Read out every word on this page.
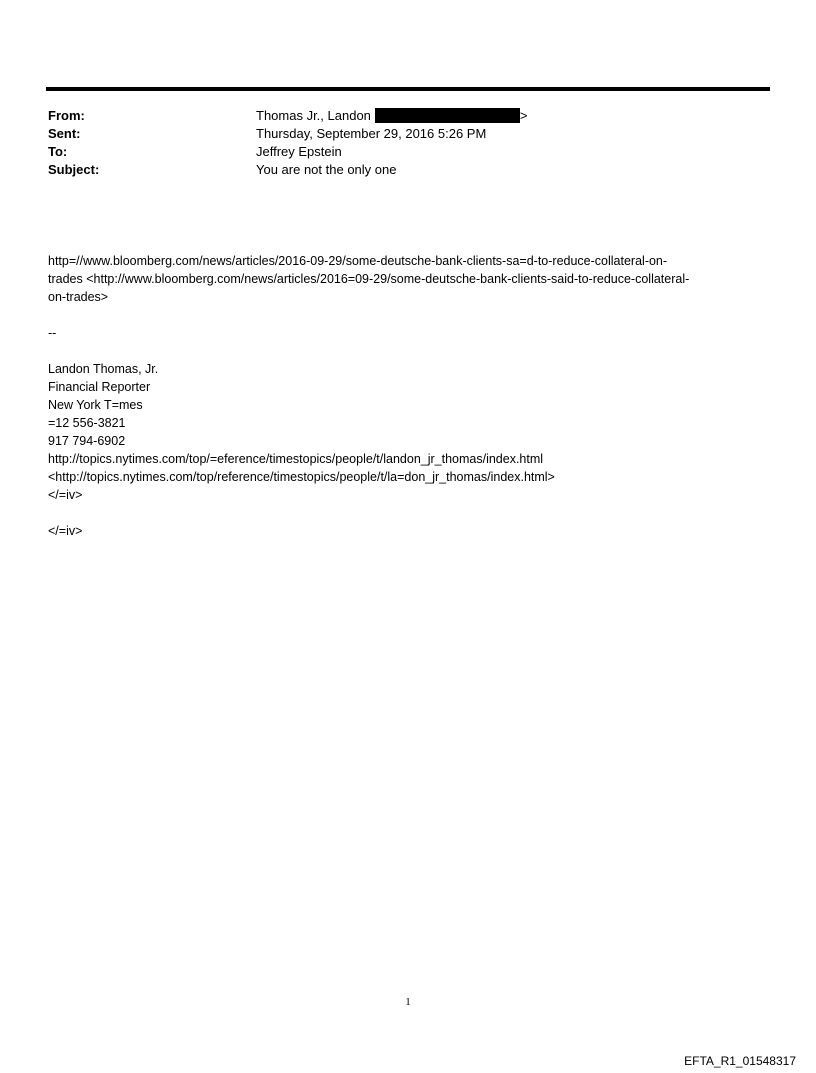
From:	Thomas Jr., Landon	>
Sent:	Thursday, September 29, 2016 5:26 PM
To:	Jeffrey Epstein
Subject:	You are not the only one
http=//www.bloomberg.com/news/articles/2016-09-29/some-deutsche-bank-clients-sa=d-to-reduce-collateral-on-
trades <http://www.bloomberg.com/news/articles/2016=09-29/some-deutsche-bank-clients-said-to-reduce-collateral-
on-trades>
--
Landon Thomas, Jr.
Financial Reporter
New York T=mes
=12 556-3821
917 794-6902
http://topics.nytimes.com/top/=eference/timestopics/people/t/landon_jr_thomas/index.html
<http://topics.nytimes.com/top/reference/timestopics/people/t/la=don_jr_thomas/index.html>
</=iv>
</=iv>
1
EFTA_R1_01548317
